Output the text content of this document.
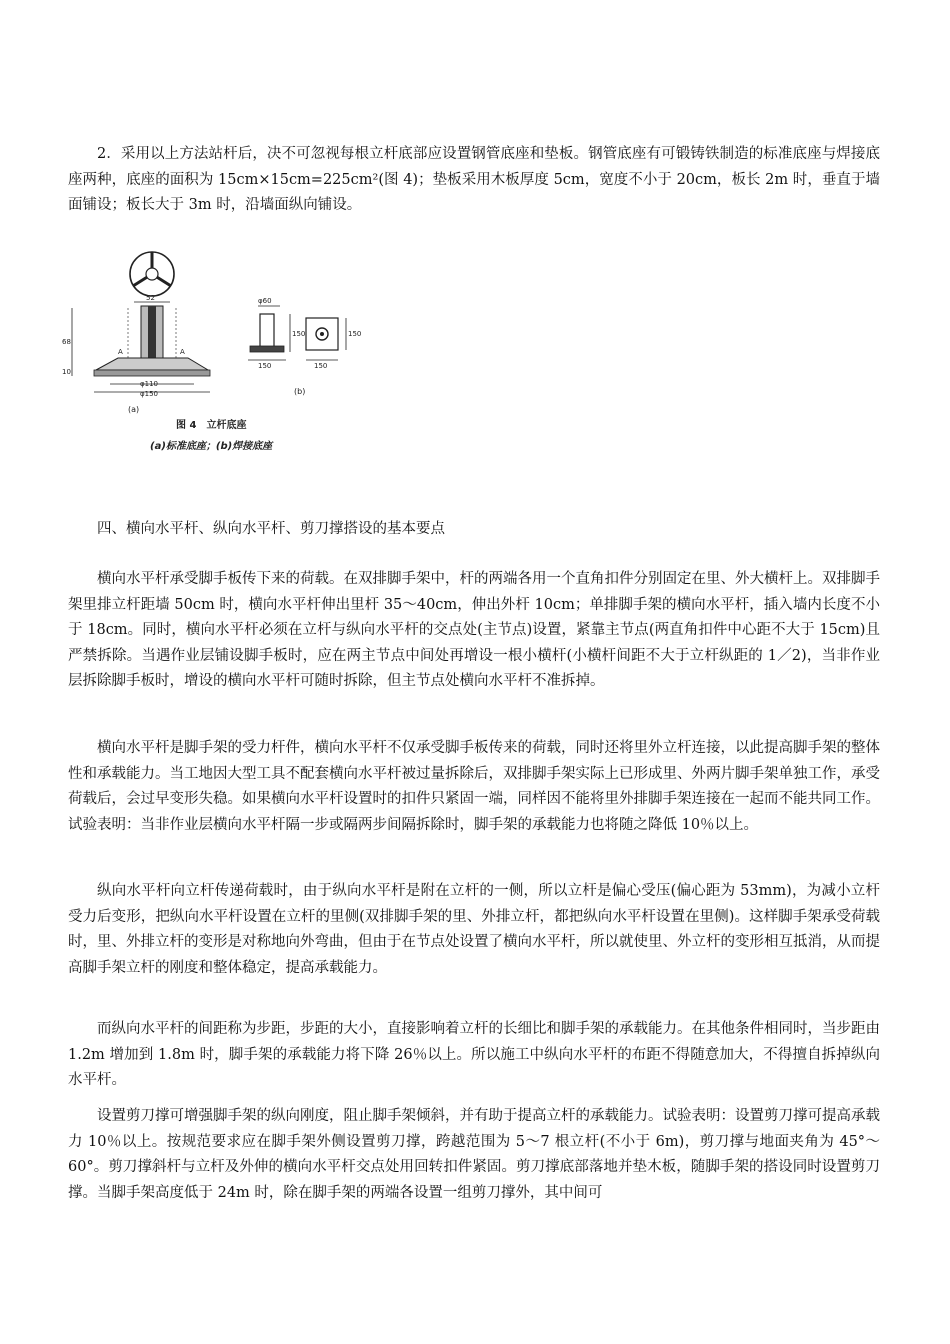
2．采用以上方法站杆后，决不可忽视每根立杆底部应设置钢管底座和垫板。钢管底座有可锻铸铁制造的标准底座与焊接底座两种，底座的面积为 15cm×15cm=225cm²(图 4)；垫板采用木板厚度 5cm，宽度不小于 20cm，板长 2m 时，垂直于墙面铺设；板长大于 3m 时，沿墙面纵向铺设。

52
A	A
68
10
φ110
φ150
(a)
φ60
150
150
150
150
(b)
图 4　立杆底座
(a)标准底座；(b)焊接底座

四、横向水平杆、纵向水平杆、剪刀撑搭设的基本要点

横向水平杆承受脚手板传下来的荷载。在双排脚手架中，杆的两端各用一个直角扣件分别固定在里、外大横杆上。双排脚手架里排立杆距墙 50cm 时，横向水平杆伸出里杆 35～40cm，伸出外杆 10cm；单排脚手架的横向水平杆，插入墙内长度不小于 18cm。同时，横向水平杆必须在立杆与纵向水平杆的交点处(主节点)设置，紧靠主节点(两直角扣件中心距不大于 15cm)且严禁拆除。当遇作业层铺设脚手板时，应在两主节点中间处再增设一根小横杆(小横杆间距不大于立杆纵距的 1／2)，当非作业层拆除脚手板时，增设的横向水平杆可随时拆除，但主节点处横向水平杆不准拆掉。

横向水平杆是脚手架的受力杆件，横向水平杆不仅承受脚手板传来的荷载，同时还将里外立杆连接，以此提高脚手架的整体性和承载能力。当工地因大型工具不配套横向水平杆被过量拆除后，双排脚手架实际上已形成里、外两片脚手架单独工作，承受荷载后，会过早变形失稳。如果横向水平杆设置时的扣件只紧固一端，同样因不能将里外排脚手架连接在一起而不能共同工作。试验表明：当非作业层横向水平杆隔一步或隔两步间隔拆除时，脚手架的承载能力也将随之降低 10％以上。

纵向水平杆向立杆传递荷载时，由于纵向水平杆是附在立杆的一侧，所以立杆是偏心受压(偏心距为 53mm)，为减小立杆受力后变形，把纵向水平杆设置在立杆的里侧(双排脚手架的里、外排立杆，都把纵向水平杆设置在里侧)。这样脚手架承受荷载时，里、外排立杆的变形是对称地向外弯曲，但由于在节点处设置了横向水平杆，所以就使里、外立杆的变形相互抵消，从而提高脚手架立杆的刚度和整体稳定，提高承载能力。

而纵向水平杆的间距称为步距，步距的大小，直接影响着立杆的长细比和脚手架的承载能力。在其他条件相同时，当步距由 1.2m 增加到 1.8m 时，脚手架的承载能力将下降 26％以上。所以施工中纵向水平杆的布距不得随意加大，不得擅自拆掉纵向水平杆。

设置剪刀撑可增强脚手架的纵向刚度，阻止脚手架倾斜，并有助于提高立杆的承载能力。试验表明：设置剪刀撑可提高承载力 10％以上。按规范要求应在脚手架外侧设置剪刀撑，跨越范围为 5～7 根立杆(不小于 6m)，剪刀撑与地面夹角为 45°～60°。剪刀撑斜杆与立杆及外伸的横向水平杆交点处用回转扣件紧固。剪刀撑底部落地并垫木板，随脚手架的搭设同时设置剪刀撑。当脚手架高度低于 24m 时，除在脚手架的两端各设置一组剪刀撑外，其中间可
